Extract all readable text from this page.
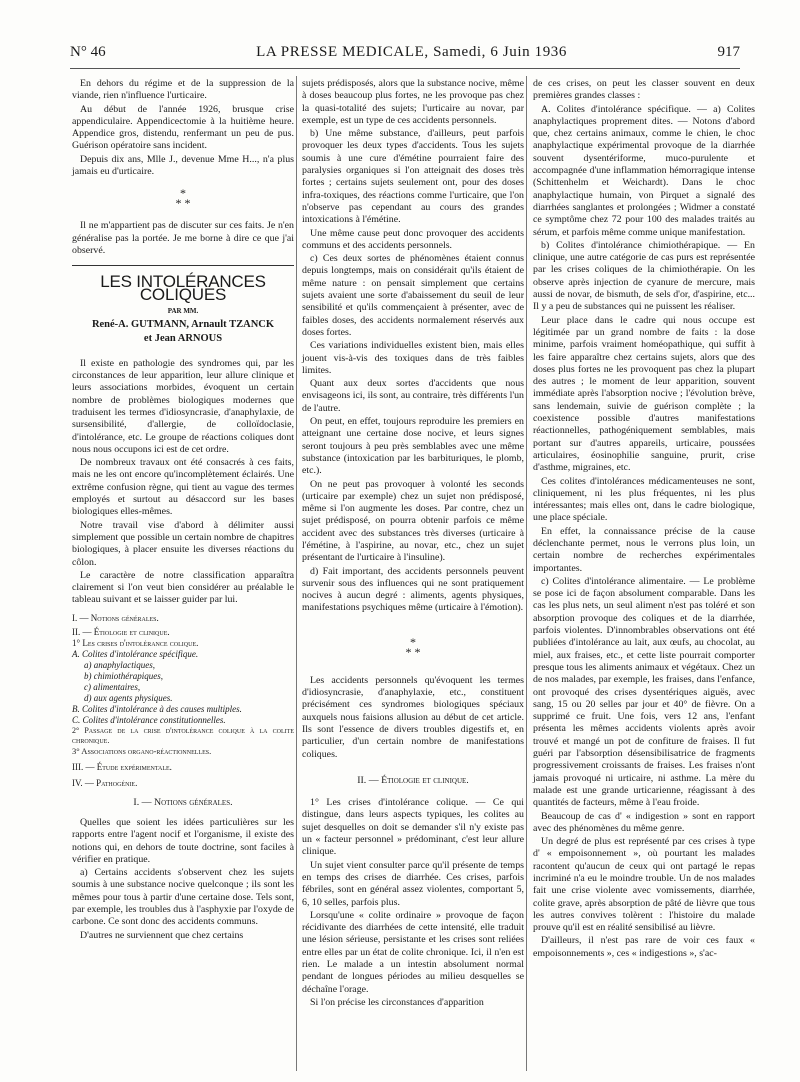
N° 46	LA PRESSE MEDICALE, Samedi, 6 Juin 1936	917

En dehors du régime et de la suppression de la viande, rien n'influence l'urticaire.

Au début de l'année 1926, brusque crise appendiculaire. Appendicectomie à la huitième heure. Appendice gros, distendu, renfermant un peu de pus. Guérison opératoire sans incident.

Depuis dix ans, Mlle J., devenue Mme H..., n'a plus jamais eu d'urticaire.

*
* *

Il ne m'appartient pas de discuter sur ces faits. Je n'en généralise pas la portée. Je me borne à dire ce que j'ai observé.

LES INTOLÉRANCES COLIQUES
PAR MM.
René-A. GUTMANN, Arnault TZANCK
et Jean ARNOUS

Il existe en pathologie des syndromes qui, par les circonstances de leur apparition, leur allure clinique et leurs associations morbides, évoquent un certain nombre de problèmes biologiques modernes que traduisent les termes d'idiosyncrasie, d'anaphylaxie, de sursensibilité, d'allergie, de colloïdoclasie, d'intolérance, etc. Le groupe de réactions coliques dont nous nous occupons ici est de cet ordre.

De nombreux travaux ont été consacrés à ces faits, mais ne les ont encore qu'incomplètement éclairés. Une extrême confusion règne, qui tient au vague des termes employés et surtout au désaccord sur les bases biologiques elles-mêmes.

Notre travail vise d'abord à délimiter aussi simplement que possible un certain nombre de chapitres biologiques, à placer ensuite les diverses réactions du côlon.

Le caractère de notre classification apparaîtra clairement si l'on veut bien considérer au préalable le tableau suivant et se laisser guider par lui.

I. — Notions générales.
II. — Étiologie et clinique.
1° Les crises d'intolérance colique.
A. Colites d'intolérance spécifique.
a) anaphylactiques,
b) chimiothérapiques,
c) alimentaires,
d) aux agents physiques.
B. Colites d'intolérance à des causes multiples.
C. Colites d'intolérance constitutionnelles.
2° Passage de la crise d'intolérance colique à la colite chronique.
3° Associations organo-réactionnelles.
III. — Étude expérimentale.
IV. — Pathogénie.

I. — Notions générales.

Quelles que soient les idées particulières sur les rapports entre l'agent nocif et l'organisme, il existe des notions qui, en dehors de toute doctrine, sont faciles à vérifier en pratique.

a) Certains accidents s'observent chez les sujets soumis à une substance nocive quelconque ; ils sont les mêmes pour tous à partir d'une certaine dose. Tels sont, par exemple, les troubles dus à l'asphyxie par l'oxyde de carbone. Ce sont donc des accidents communs.

D'autres ne surviennent que chez certains

sujets prédisposés, alors que la substance nocive, même à doses beaucoup plus fortes, ne les provoque pas chez la quasi-totalité des sujets; l'urticaire au novar, par exemple, est un type de ces accidents personnels.

b) Une même substance, d'ailleurs, peut parfois provoquer les deux types d'accidents. Tous les sujets soumis à une cure d'émétine pourraient faire des paralysies organiques si l'on atteignait des doses très fortes ; certains sujets seulement ont, pour des doses infra-toxiques, des réactions comme l'urticaire, que l'on n'observe pas cependant au cours des grandes intoxications à l'émétine.

Une même cause peut donc provoquer des accidents communs et des accidents personnels.

c) Ces deux sortes de phénomènes étaient connus depuis longtemps, mais on considérait qu'ils étaient de même nature : on pensait simplement que certains sujets avaient une sorte d'abaissement du seuil de leur sensibilité et qu'ils commençaient à présenter, avec de faibles doses, des accidents normalement réservés aux doses fortes.

Ces variations individuelles existent bien, mais elles jouent vis-à-vis des toxiques dans de très faibles limites.

Quant aux deux sortes d'accidents que nous envisageons ici, ils sont, au contraire, très différents l'un de l'autre.

On peut, en effet, toujours reproduire les premiers en atteignant une certaine dose nocive, et leurs signes seront toujours à peu près semblables avec une même substance (intoxication par les barbituriques, le plomb, etc.).

On ne peut pas provoquer à volonté les seconds (urticaire par exemple) chez un sujet non prédisposé, même si l'on augmente les doses. Par contre, chez un sujet prédisposé, on pourra obtenir parfois ce même accident avec des substances très diverses (urticaire à l'émétine, à l'aspirine, au novar, etc., chez un sujet présentant de l'urticaire à l'insuline).

d) Fait important, des accidents personnels peuvent survenir sous des influences qui ne sont pratiquement nocives à aucun degré : aliments, agents physiques, manifestations psychiques même (urticaire à l'émotion).

*
* *

Les accidents personnels qu'évoquent les termes d'idiosyncrasie, d'anaphylaxie, etc., constituent précisément ces syndromes biologiques spéciaux auxquels nous faisions allusion au début de cet article. Ils sont l'essence de divers troubles digestifs et, en particulier, d'un certain nombre de manifestations coliques.

II. — Étiologie et clinique.

1° Les crises d'intolérance colique. — Ce qui distingue, dans leurs aspects typiques, les colites au sujet desquelles on doit se demander s'il n'y existe pas un « facteur personnel » prédominant, c'est leur allure clinique.

Un sujet vient consulter parce qu'il présente de temps en temps des crises de diarrhée. Ces crises, parfois fébriles, sont en général assez violentes, comportant 5, 6, 10 selles, parfois plus.

Lorsqu'une « colite ordinaire » provoque de façon récidivante des diarrhées de cette intensité, elle traduit une lésion sérieuse, persistante et les crises sont reliées entre elles par un état de colite chronique. Ici, il n'en est rien. Le malade a un intestin absolument normal pendant de longues périodes au milieu desquelles se déchaîne l'orage.

Si l'on précise les circonstances d'apparition

de ces crises, on peut les classer souvent en deux premières grandes classes :

A. Colites d'intolérance spécifique. — a) Colites anaphylactiques proprement dites. — Notons d'abord que, chez certains animaux, comme le chien, le choc anaphylactique expérimental provoque de la diarrhée souvent dysentériforme, muco-purulente et accompagnée d'une inflammation hémorragique intense (Schittenhelm et Weichardt). Dans le choc anaphylactique humain, von Pirquet a signalé des diarrhées sanglantes et prolongées ; Widmer a constaté ce symptôme chez 72 pour 100 des malades traités au sérum, et parfois même comme unique manifestation.

b) Colites d'intolérance chimiothérapique. — En clinique, une autre catégorie de cas purs est représentée par les crises coliques de la chimiothérapie. On les observe après injection de cyanure de mercure, mais aussi de novar, de bismuth, de sels d'or, d'aspirine, etc... Il y a peu de substances qui ne puissent les réaliser.

Leur place dans le cadre qui nous occupe est légitimée par un grand nombre de faits : la dose minime, parfois vraiment homéopathique, qui suffit à les faire apparaître chez certains sujets, alors que des doses plus fortes ne les provoquent pas chez la plupart des autres ; le moment de leur apparition, souvent immédiate après l'absorption nocive ; l'évolution brève, sans lendemain, suivie de guérison complète ; la coexistence possible d'autres manifestations réactionnelles, pathogéniquement semblables, mais portant sur d'autres appareils, urticaire, poussées articulaires, éosinophilie sanguine, prurit, crise d'asthme, migraines, etc.

Ces colites d'intolérances médicamenteuses ne sont, cliniquement, ni les plus fréquentes, ni les plus intéressantes; mais elles ont, dans le cadre biologique, une place spéciale.

En effet, la connaissance précise de la cause déclenchante permet, nous le verrons plus loin, un certain nombre de recherches expérimentales importantes.

c) Colites d'intolérance alimentaire. — Le problème se pose ici de façon absolument comparable. Dans les cas les plus nets, un seul aliment n'est pas toléré et son absorption provoque des coliques et de la diarrhée, parfois violentes. D'innombrables observations ont été publiées d'intolérance au lait, aux œufs, au chocolat, au miel, aux fraises, etc., et cette liste pourrait comporter presque tous les aliments animaux et végétaux. Chez un de nos malades, par exemple, les fraises, dans l'enfance, ont provoqué des crises dysentériques aiguës, avec sang, 15 ou 20 selles par jour et 40° de fièvre. On a supprimé ce fruit. Une fois, vers 12 ans, l'enfant présenta les mêmes accidents violents après avoir trouvé et mangé un pot de confiture de fraises. Il fut guéri par l'absorption désensibilisatrice de fragments progressivement croissants de fraises. Les fraises n'ont jamais provoqué ni urticaire, ni asthme. La mère du malade est une grande urticarienne, réagissant à des quantités de facteurs, même à l'eau froide.

Beaucoup de cas d' « indigestion » sont en rapport avec des phénomènes du même genre.

Un degré de plus est représenté par ces crises à type d' « empoisonnement », où pourtant les malades racontent qu'aucun de ceux qui ont partagé le repas incriminé n'a eu le moindre trouble. Un de nos malades fait une crise violente avec vomissements, diarrhée, colite grave, après absorption de pâté de lièvre que tous les autres convives tolèrent : l'histoire du malade prouve qu'il est en réalité sensibilisé au lièvre.

D'ailleurs, il n'est pas rare de voir ces faux « empoisonnements », ces « indigestions », s'ac-
